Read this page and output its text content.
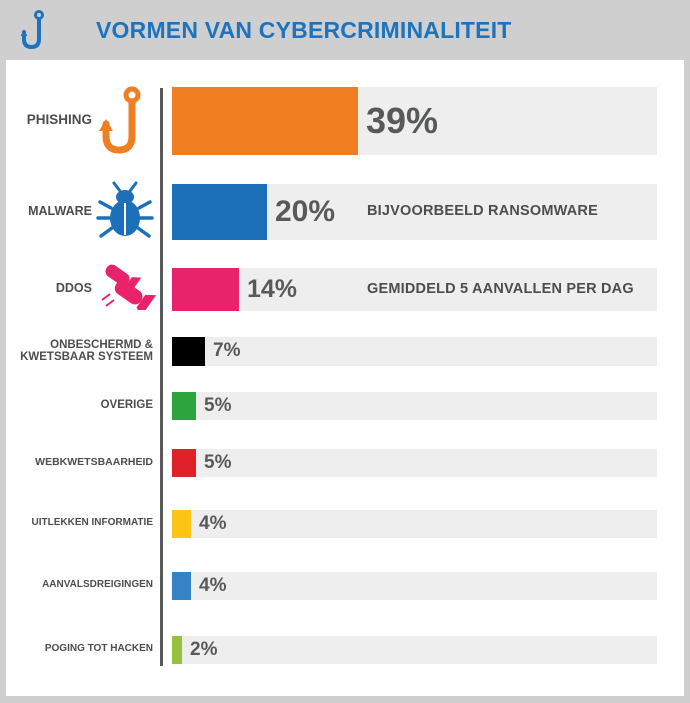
VORMEN VAN CYBERCRIMINALITEIT
PHISHING	39%
MALWARE	20% BIJVOORBEELD RANSOMWARE
DDOS	14%	GEMIDDELD 5 AANVALLEN PER DAG
ONBESCHERMD & KWETSBAAR SYSTEEM	7%
OVERIGE	5%
WEBKWETSBAARHEID	5%
UITLEKKEN INFORMATIE 4%
AANVALSDREIGINGEN 4%
POGING TOT HACKEN 2%
